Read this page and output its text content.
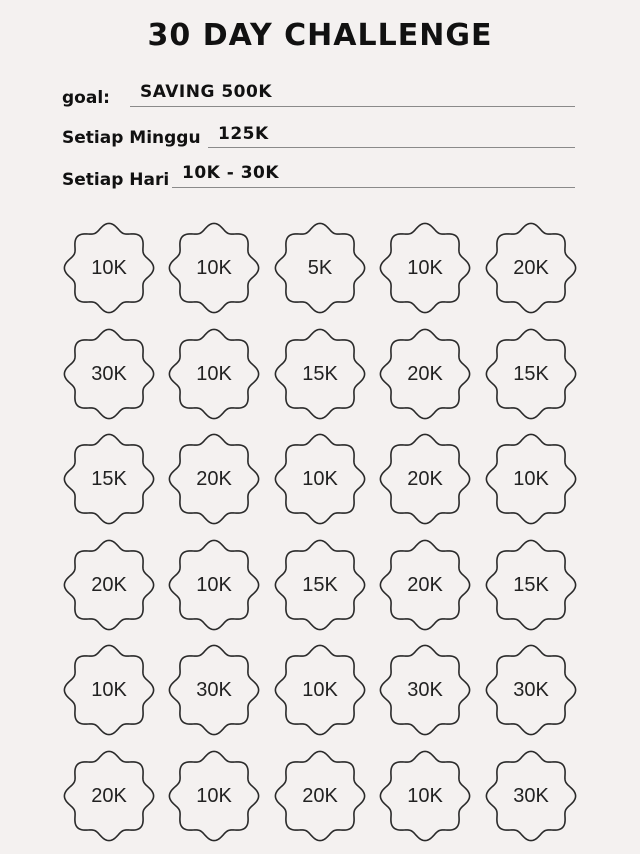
30 DAY CHALLENGE
goal: SAVING 500K
Setiap Minggu 125K
Setiap Hari 10K - 30K
10K	10K	5K	10K	20K
30K	10K	15K	20K	15K
15K	20K	10K	20K	10K
20K	10K	15K	20K	15K
10K	30K	10K	30K	30K
20K	10K	20K	10K	30K
